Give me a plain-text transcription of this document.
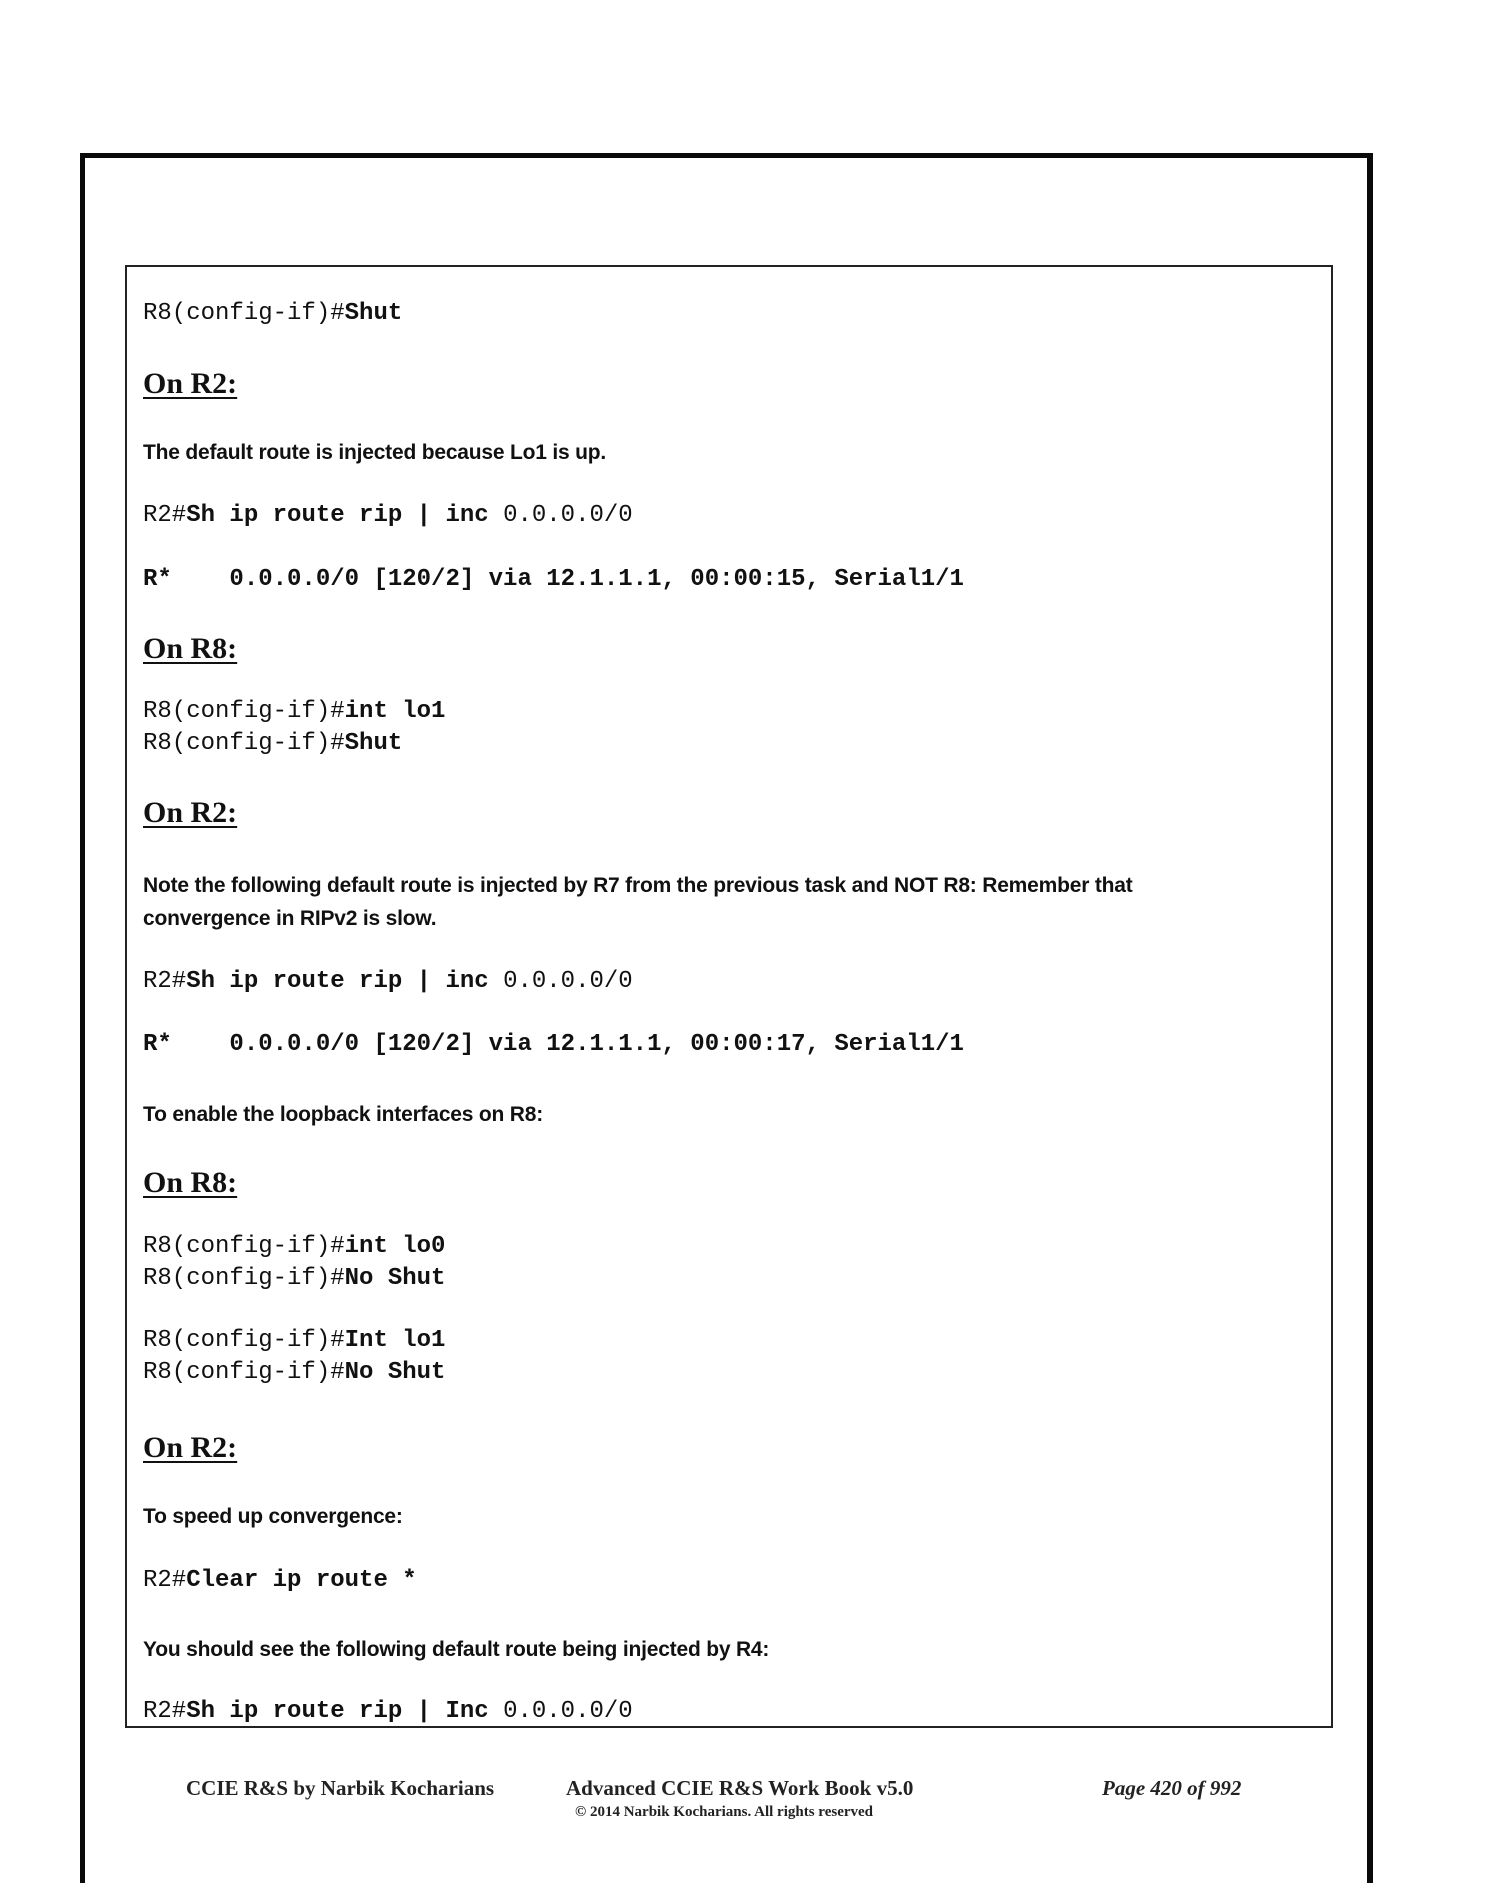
R8(config-if)#Shut
On R2:
The default route is injected because Lo1 is up.
R2#Sh ip route rip | inc 0.0.0.0/0
R*    0.0.0.0/0 [120/2] via 12.1.1.1, 00:00:15, Serial1/1
On R8:
R8(config-if)#int lo1
R8(config-if)#Shut
On R2:
Note the following default route is injected by R7 from the previous task and NOT R8: Remember that
convergence in RIPv2 is slow.
R2#Sh ip route rip | inc 0.0.0.0/0
R*    0.0.0.0/0 [120/2] via 12.1.1.1, 00:00:17, Serial1/1
To enable the loopback interfaces on R8:
On R8:
R8(config-if)#int lo0
R8(config-if)#No Shut
R8(config-if)#Int lo1
R8(config-if)#No Shut
On R2:
To speed up convergence:
R2#Clear ip route *
You should see the following default route being injected by R4:
R2#Sh ip route rip | Inc 0.0.0.0/0
CCIE R&S by Narbik Kocharians	Advanced CCIE R&S Work Book v5.0
© 2014 Narbik Kocharians. All rights reserved
Page 420 of 992
